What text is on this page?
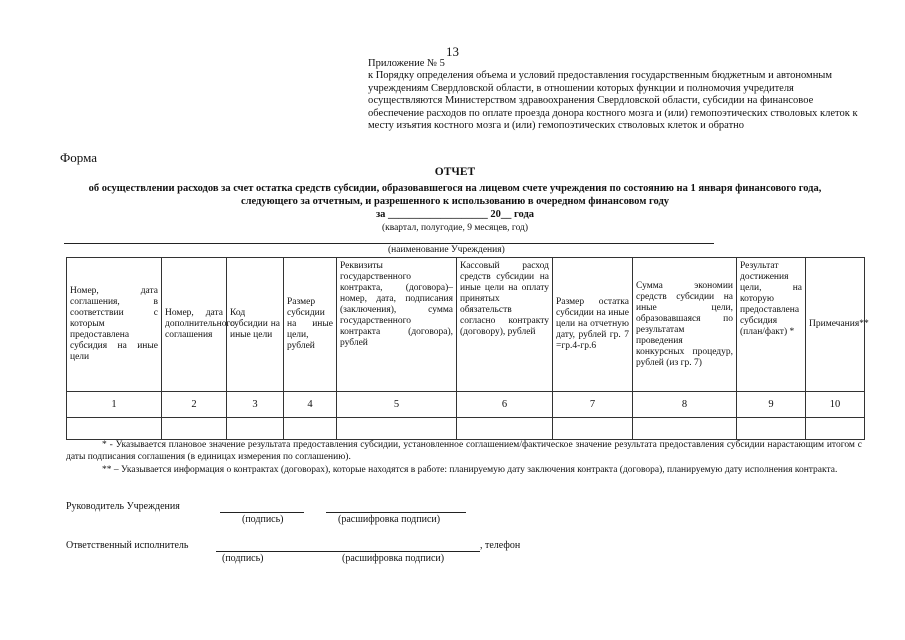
13
Приложение № 5
к Порядку определения объема и условий предоставления государственным бюджетным и автономным учреждениям Свердловской области, в отношении которых функции и полномочия учредителя осуществляются Министерством здравоохранения Свердловской области, субсидии на финансовое обеспечение расходов по оплате проезда донора костного мозга и (или) гемопоэтических стволовых клеток к месту изъятия костного мозга и (или) гемопоэтических стволовых клеток и обратно
Форма
ОТЧЕТ
об осуществлении расходов за счет остатка средств субсидии, образовавшегося на лицевом счете учреждения по состоянию на 1 января финансового года, следующего за отчетным, и разрешенного к использованию в очередном финансовом году
за ___________________ 20__ года
(квартал, полугодие, 9 месяцев, год)
(наименование Учреждения)
Номер, дата соглашения, в соответствии с которым предоставлена субсидия на иные цели	Номер, дата дополнительного соглашения	Код субсидии на иные цели	Размер субсидии на иные цели, рублей	Реквизиты государственного контракта, (договора)– номер, дата, подписания (заключения), сумма государственного контракта (договора), рублей	Кассовый расход средств субсидии на иные цели на оплату принятых обязательств согласно контракту (договору), рублей	Размер остатка субсидии на иные цели на отчетную дату, рублей гр. 7 =гр.4-гр.6	Сумма экономии средств субсидии на иные цели, образовавшаяся по результатам проведения конкурсных процедур, рублей (из гр. 7)	Результат достижения цели, на которую предоставлена субсидия (план/факт) *	Примечания**
1	2	3	4	5	6	7	8	9	10

* - Указывается плановое значение результата предоставления субсидии, установленное соглашением/фактическое значение результата предоставления субсидии нарастающим итогом с даты подписания соглашения (в единицах измерения по соглашению).
** – Указывается информация о контрактах (договорах), которые находятся в работе: планируемую дату заключения контракта (договора), планируемую дату исполнения контракта.
Руководитель Учреждения
(подпись)	(расшифровка подписи)
Ответственный исполнитель	, телефон
(подпись)	(расшифровка подписи)
